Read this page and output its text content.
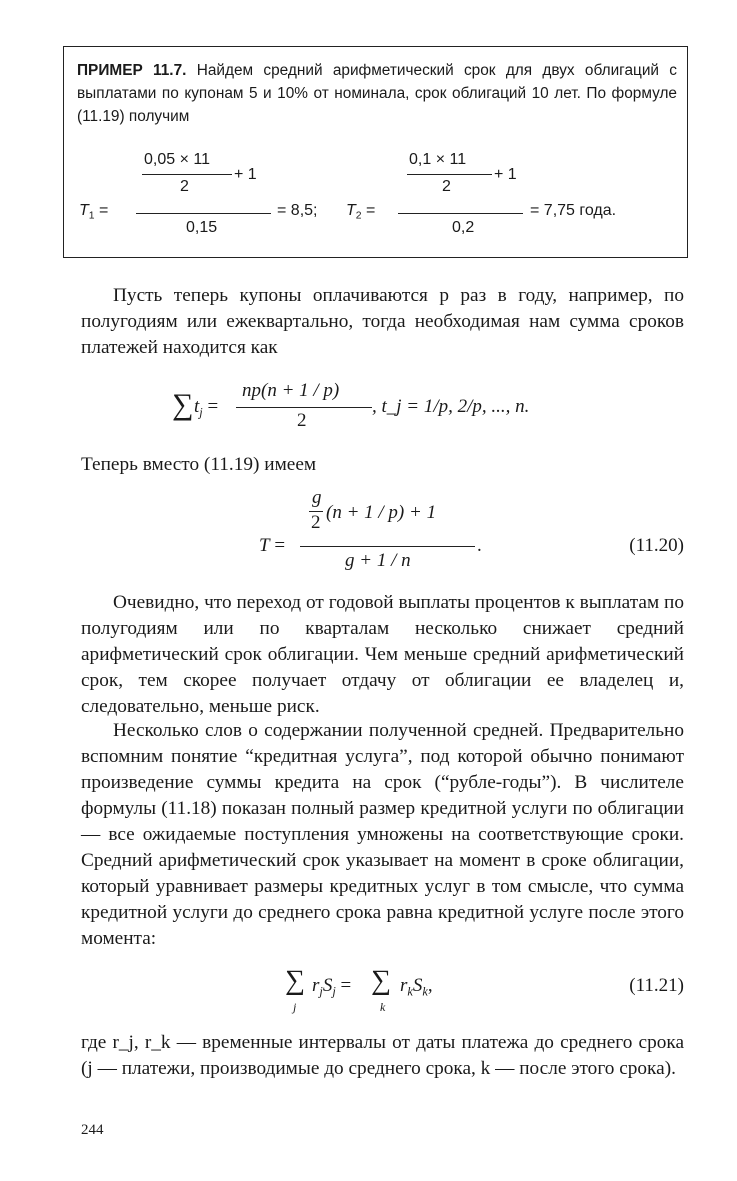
ПРИМЕР 11.7. Найдем средний арифметический срок для двух облигаций с выплатами по купонам 5 и 10% от номинала, срок облигаций 10 лет. По формуле (11.19) получим
0,05 × 11
+ 1
2
$T_1$ =	= 8,5;
0,15
0,1 × 11
+ 1
2
$T_2$ =	= 7,75 года.
0,2
Пусть теперь купоны оплачиваются p раз в году, например, по полугодиям или ежеквартально, тогда необходимая нам сумма сроков платежей находится как
∑ $t_j$ =
np(n + 1 / p)
2
, t_j = 1/p, 2/p, ..., n.
Теперь вместо (11.19) имеем
g
2 (n + 1 / p) + 1
T =	.
g + 1 / n
(11.20)
Очевидно, что переход от годовой выплаты процентов к выплатам по полугодиям или по кварталам несколько снижает средний арифметический срок облигации. Чем меньше средний арифметический срок, тем скорее получает отдачу от облигации ее владелец и, следовательно, меньше риск.
Несколько слов о содержании полученной средней. Предварительно вспомним понятие “кредитная услуга”, под которой обычно понимают произведение суммы кредита на срок (“рубле-годы”). В числителе формулы (11.18) показан полный размер кредитной услуги по облигации — все ожидаемые поступления умножены на соответствующие сроки. Средний арифметический срок указывает на момент в сроке облигации, который уравнивает размеры кредитных услуг в том смысле, что сумма кредитной услуги до среднего срока равна кредитной услуге после этого момента:
∑
j
$r_jS_j$ = ∑
k
$r_kS_k$,	(11.21)
где r_j, r_k — временные интервалы от даты платежа до среднего срока (j — платежи, производимые до среднего срока, k — после этого срока).
244
